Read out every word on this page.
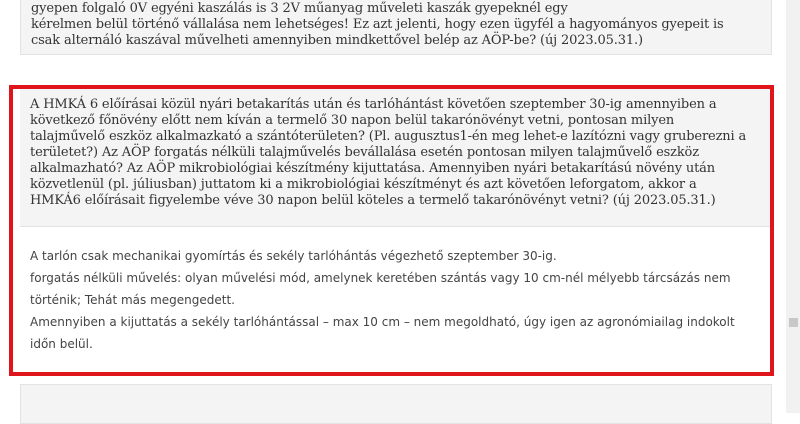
gyepen folgaló 0V egyéni kaszálás is 3 2V műanyag műveleti kaszák gyepeknél egy
kérelmen belül történő vállalása nem lehetséges! Ez azt jelenti, hogy ezen ügyfél a hagyományos gyepeit is
csak alternáló kaszával művelheti amennyiben mindkettővel belép az AÖP-be? (új 2023.05.31.)

A HMKÁ 6 előírásai közül nyári betakarítás után és tarlóhántást követően szeptember 30-ig amennyiben a
következő főnövény előtt nem kíván a termelő 30 napon belül takarónövényt vetni, pontosan milyen
talajművelő eszköz alkalmazkató a szántóterületen? (Pl. augusztus1-én meg lehet-e lazítózni vagy gruberezni a
területet?) Az AÖP forgatás nélküli talajművelés bevállalása esetén pontosan milyen talajművelő eszköz
alkalmazható? Az AÖP mikrobiológiai készítmény kijuttatása. Amennyiben nyári betakarítású növény után
közvetlenül (pl. júliusban) juttatom ki a mikrobiológiai készítményt és azt követően leforgatom, akkor a
HMKÁ6 előírásait figyelembe véve 30 napon belül köteles a termelő takarónövényt vetni? (új 2023.05.31.)

A tarlón csak mechanikai gyomírtás és sekély tarlóhántás végezhető szeptember 30-ig.

forgatás nélküli művelés: olyan művelési mód, amelynek keretében szántás vagy 10 cm-nél mélyebb tárcsázás nem
történik; Tehát más megengedett.

Amennyiben a kijuttatás a sekély tarlóhántással – max 10 cm – nem megoldható, úgy igen az agronómiailag indokolt
időn belül.
